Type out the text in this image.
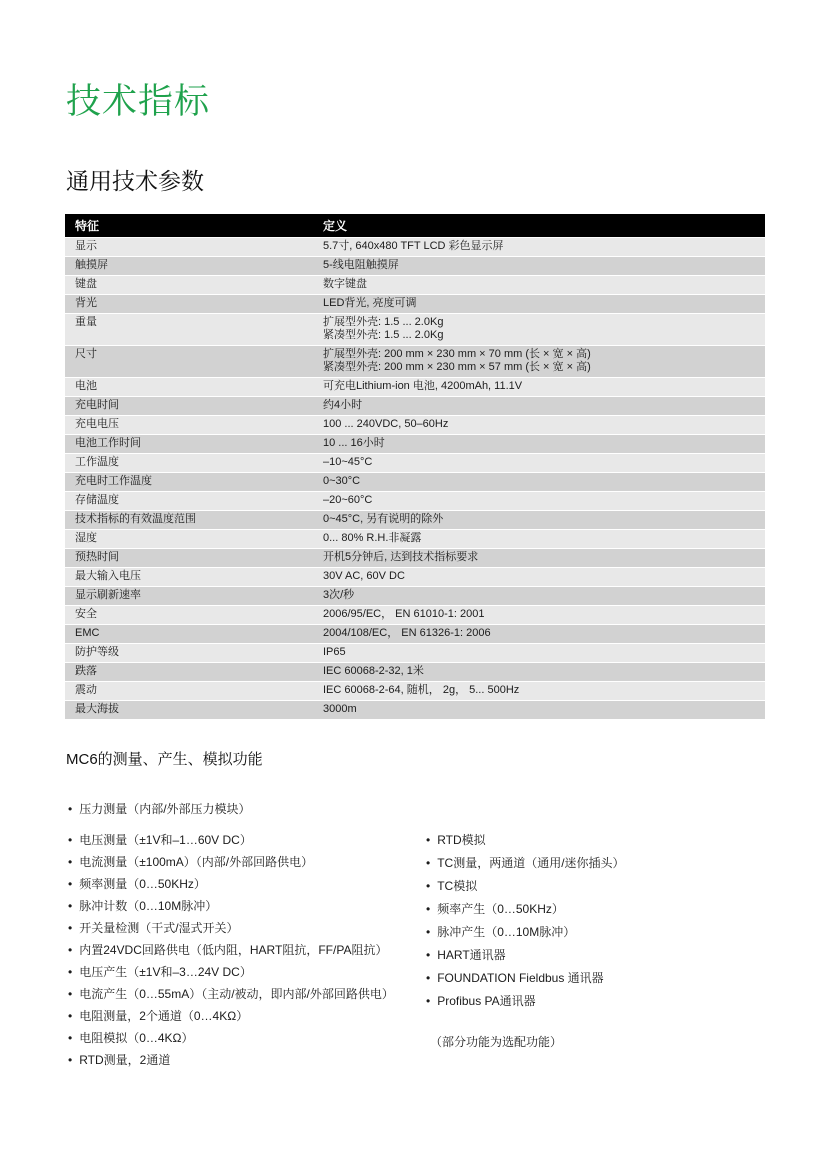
技术指标
通用技术参数
特征	定义
显示	5.7寸, 640x480 TFT LCD 彩色显示屏

触摸屏	5-线电阻触摸屏

键盘	数字键盘

背光	LED背光, 亮度可调

重量	扩展型外壳: 1.5 ... 2.0Kg
紧凑型外壳: 1.5 ... 2.0Kg

尺寸	扩展型外壳: 200 mm × 230 mm × 70 mm (长 × 宽 × 高)
紧凑型外壳: 200 mm × 230 mm × 57 mm (长 × 宽 × 高)

电池	可充电Lithium-ion 电池, 4200mAh, 11.1V

充电时间	约4小时

充电电压	100 ... 240VDC, 50–60Hz

电池工作时间	10 ... 16小时

工作温度	–10~45°C

充电时工作温度	0~30°C

存储温度	–20~60°C

技术指标的有效温度范围	0~45°C, 另有说明的除外

湿度	0... 80% R.H.非凝露

预热时间	开机5分钟后, 达到技术指标要求

最大输入电压	30V AC, 60V DC

显示刷新速率	3次/秒

安全	2006/95/EC， EN 61010-1: 2001

EMC	2004/108/EC， EN 61326-1: 2006

防护等级	IP65

跌落	IEC 60068-2-32, 1米

震动	IEC 60068-2-64, 随机， 2g， 5... 500Hz

最大海拔	3000m
MC6的测量、产生、模拟功能
• 压力测量（内部/外部压力模块）
• 电压测量（±1V和–1…60V DC）
• 电流测量（±100mA）（内部/外部回路供电）
• 频率测量（0…50KHz）
• 脉冲计数（0…10M脉冲）
• 开关量检测（干式/湿式开关）
• 内置24VDC回路供电（低内阻，HART阻抗，FF/PA阻抗）
• 电压产生（±1V和–3…24V DC）
• 电流产生（0…55mA）（主动/被动，即内部/外部回路供电）
• 电阻测量，2个通道（0…4KΩ）
• 电阻模拟（0…4KΩ）
• RTD测量，2通道
• RTD模拟
• TC测量，两通道（通用/迷你插头）
• TC模拟
• 频率产生（0…50KHz）
• 脉冲产生（0…10M脉冲）
• HART通讯器
• FOUNDATION Fieldbus 通讯器
• Profibus PA通讯器

（部分功能为选配功能）
